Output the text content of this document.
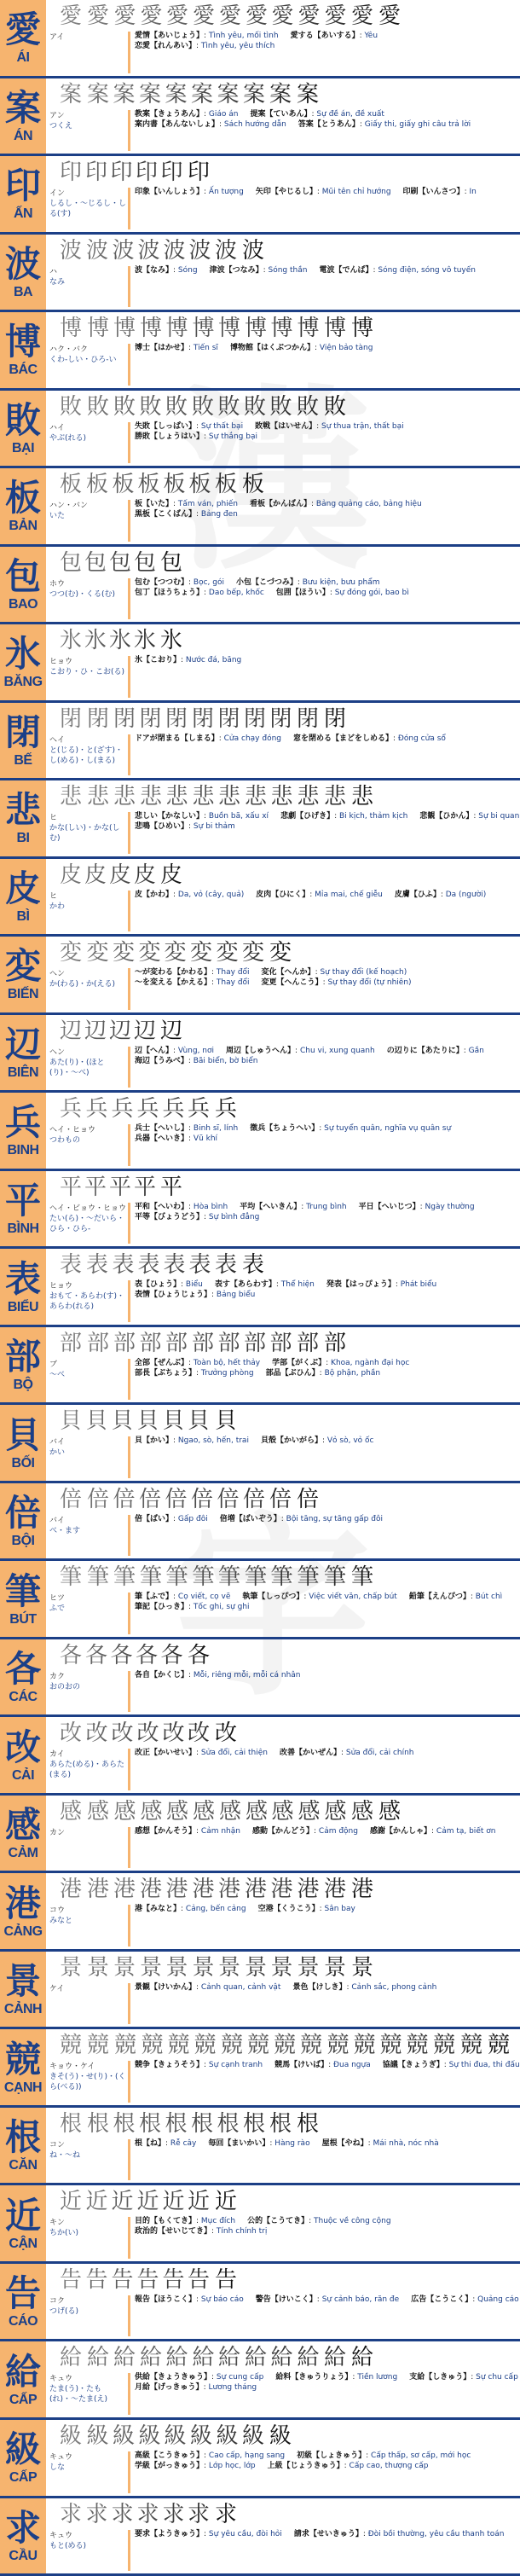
愛
ÁI
愛 愛 愛 愛 愛 愛 愛 愛 愛 愛 愛 愛 愛
アイ	愛情【あいじょう】: Tình yêu, mối tình 愛する【あいする】: Yêu
恋愛【れんあい】: Tình yêu, yêu thích
案
ÁN
案 案 案 案 案 案 案 案 案 案
アン
つくえ
教案【きょうあん】: Giáo án 提案【ていあん】: Sự đề án, đề xuất
案内書【あんないしょ】: Sách hướng dẫn 答案【とうあん】: Giấy thi, giấy ghi câu trả lời
印
ẤN
印 印 印 印 印 印
イン
しるし・〜じるし・しる(す)
印象【いんしょう】: Ấn tượng 矢印【やじるし】: Mũi tên chỉ hướng 印刷【いんさつ】: In
波
BA
波 波 波 波 波 波 波 波
ハ
なみ
波【なみ】: Sóng 津波【つなみ】: Sóng thần 電波【でんぱ】: Sóng điện, sóng vô tuyến
博
BÁC
博 博 博 博 博 博 博 博 博 博 博 博
ハク・バク
くわ-しい・ひろ-い
博士【はかせ】: Tiến sĩ 博物館【はくぶつかん】: Viện bảo tàng
敗
BẠI
敗 敗 敗 敗 敗 敗 敗 敗 敗 敗 敗
ハイ
やぶ(れる)
失敗【しっぱい】: Sự thất bại 敗戦【はいせん】: Sự thua trận, thất bại
勝敗【しょうはい】: Sự thắng bại
板
BẢN
板 板 板 板 板 板 板 板
ハン・バン
いた
板【いた】: Tấm ván, phiến 看板【かんばん】: Bảng quảng cáo, bảng hiệu
黒板【こくばん】: Bảng đen
包
BAO
包 包 包 包 包
ホウ
つつ(む)・くる(む)
包む【つつむ】: Bọc, gói 小包【こづつみ】: Bưu kiện, bưu phẩm
包丁【ほうちょう】: Dao bếp, khốc 包囲【ほうい】: Sự đóng gói, bao bì
氷
BĂNG
氷 氷 氷 氷 氷
ヒョウ
こおり・ひ・こお(る)
氷【こおり】: Nước đá, băng
閉
BẾ
閉 閉 閉 閉 閉 閉 閉 閉 閉 閉 閉
ヘイ
と(じる)・と(ざす)・し(める)・し(まる)
ドアが閉まる【しまる】: Cửa chạy đóng 窓を閉める【まどをしめる】: Đóng cửa sổ
悲
BI
悲 悲 悲 悲 悲 悲 悲 悲 悲 悲 悲 悲
ヒ
かな(しい)・かな(しむ)
悲しい【かなしい】: Buồn bã, xấu xí 悲劇【ひげき】: Bi kịch, thảm kịch 悲観【ひかん】: Sự bi quan
悲鳴【ひめい】: Sự bi thảm
皮
BÌ
皮 皮 皮 皮 皮
ヒ
かわ
皮【かわ】: Da, vỏ (cây, quả) 皮肉【ひにく】: Mỉa mai, chế giễu 皮膚【ひふ】: Da (người)
変
BIẾN
変 変 変 変 変 変 変 変 変
ヘン
か(わる)・か(える)
〜が変わる【かわる】: Thay đổi 変化【へんか】: Sự thay đổi (kế hoạch)
〜を変える【かえる】: Thay đổi 変更【へんこう】: Sự thay đổi (tự nhiên)
辺
BIÊN
辺 辺 辺 辺 辺
ヘン
あた(り)・(ほと(り)・〜べ)
辺【へん】: Vùng, nơi 周辺【しゅうへん】: Chu vi, xung quanh の辺りに【あたりに】: Gần
海辺【うみべ】: Bãi biển, bờ biển
兵
BINH
兵 兵 兵 兵 兵 兵 兵
ヘイ・ヒョウ
つわもの
兵士【へいし】: Binh sĩ, lính 徴兵【ちょうへい】: Sự tuyển quân, nghĩa vụ quân sự
兵器【へいき】: Vũ khí
平
BÌNH
平 平 平 平 平
ヘイ・ビョウ・ヒョウ
たい(ら)・〜だいら・ひら・ひら-
平和【へいわ】: Hòa bình 平均【へいきん】: Trung bình 平日【へいじつ】: Ngày thường
平等【びょうどう】: Sự bình đẳng
表
BIỂU
表 表 表 表 表 表 表 表
ヒョウ
おもて・あらわ(す)・あらわ(れる)
表【ひょう】: Biểu 表す【あらわす】: Thể hiện 発表【はっぴょう】: Phát biểu
表情【ひょうじょう】: Bảng biểu
部
BỘ
部 部 部 部 部 部 部 部 部 部 部
ブ
〜べ
全部【ぜんぶ】: Toàn bộ, hết thảy 学部【がくぶ】: Khoa, ngành đại học
部長【ぶちょう】: Trưởng phòng 部品【ぶひん】: Bộ phận, phần
貝
BỐI
貝 貝 貝 貝 貝 貝 貝
バイ
かい
貝【かい】: Ngao, sò, hến, trai 貝殻【かいがら】: Vỏ sò, vỏ ốc
倍
BỘI
倍 倍 倍 倍 倍 倍 倍 倍 倍 倍
バイ
べ・ます
倍【ばい】: Gấp đôi 倍増【ばいぞう】: Bội tăng, sự tăng gấp đôi
筆
BÚT
筆 筆 筆 筆 筆 筆 筆 筆 筆 筆 筆 筆
ヒツ
ふで
筆【ふで】: Cọ viết, cọ vẽ 執筆【しっぴつ】: Việc viết văn, chấp bút 鉛筆【えんぴつ】: Bút chì
筆記【ひっき】: Tốc ghi, sự ghi
各
CÁC
各 各 各 各 各 各
カク
おのおの
各自【かくじ】: Mỗi, riêng mỗi, mỗi cá nhân
改
CẢI
改 改 改 改 改 改 改
カイ
あらた(める)・あらた(まる)
改正【かいせい】: Sửa đổi, cải thiện 改善【かいぜん】: Sửa đổi, cải chính
感
CẢM
感 感 感 感 感 感 感 感 感 感 感 感 感
カン	感想【かんそう】: Cảm nhận 感動【かんどう】: Cảm động 感謝【かんしゃ】: Cảm tạ, biết ơn
港
CẢNG
港 港 港 港 港 港 港 港 港 港 港 港
コウ
みなと
港【みなと】: Cảng, bến cảng 空港【くうこう】: Sân bay
景
CẢNH
景 景 景 景 景 景 景 景 景 景 景 景
ケイ	景観【けいかん】: Cảnh quan, cảnh vật 景色【けしき】: Cảnh sắc, phong cảnh
競
CẠNH
競 競 競 競 競 競 競 競 競 競 競 競 競 競 競 競 競
キョウ・ケイ
きそ(う)・せ(り)・(くら(べる))
競争【きょうそう】: Sự cạnh tranh 競馬【けいば】: Đua ngựa 協議【きょうぎ】: Sự thi đua, thi đấu
根
CĂN
根 根 根 根 根 根 根 根 根 根
コン
ね・〜ね
根【ね】: Rễ cây 毎回【まいかい】: Hàng rào 屋根【やね】: Mái nhà, nóc nhà
近
CẬN
近 近 近 近 近 近 近
キン
ちか(い)
目的【もくてき】: Mục đích 公的【こうてき】: Thuộc về công cộng
政治的【せいじてき】: Tính chính trị
告
CÁO
告 告 告 告 告 告 告
コク
つげ(る)
報告【ほうこく】: Sự báo cáo 警告【けいこく】: Sự cảnh báo, răn đe 広告【こうこく】: Quảng cáo
給
CẤP
給 給 給 給 給 給 給 給 給 給 給 給
キュウ
たま(う)・たも(れ)・〜たま(え)
供給【きょうきゅう】: Sự cung cấp 給料【きゅうりょう】: Tiền lương 支給【しきゅう】: Sự chu cấp
月給【げっきゅう】: Lương tháng
級
CẤP
級 級 級 級 級 級 級 級 級
キュウ
しな
高級【こうきゅう】: Cao cấp, hạng sang 初級【しょきゅう】: Cấp thấp, sơ cấp, mới học
学級【がっきゅう】: Lớp học, lớp 上級【じょうきゅう】: Cấp cao, thượng cấp
求
CẦU
求 求 求 求 求 求 求
キュウ
もと(める)
要求【ようきゅう】: Sự yêu cầu, đòi hỏi 請求【せいきゅう】: Đòi bồi thường, yêu cầu thanh toán
